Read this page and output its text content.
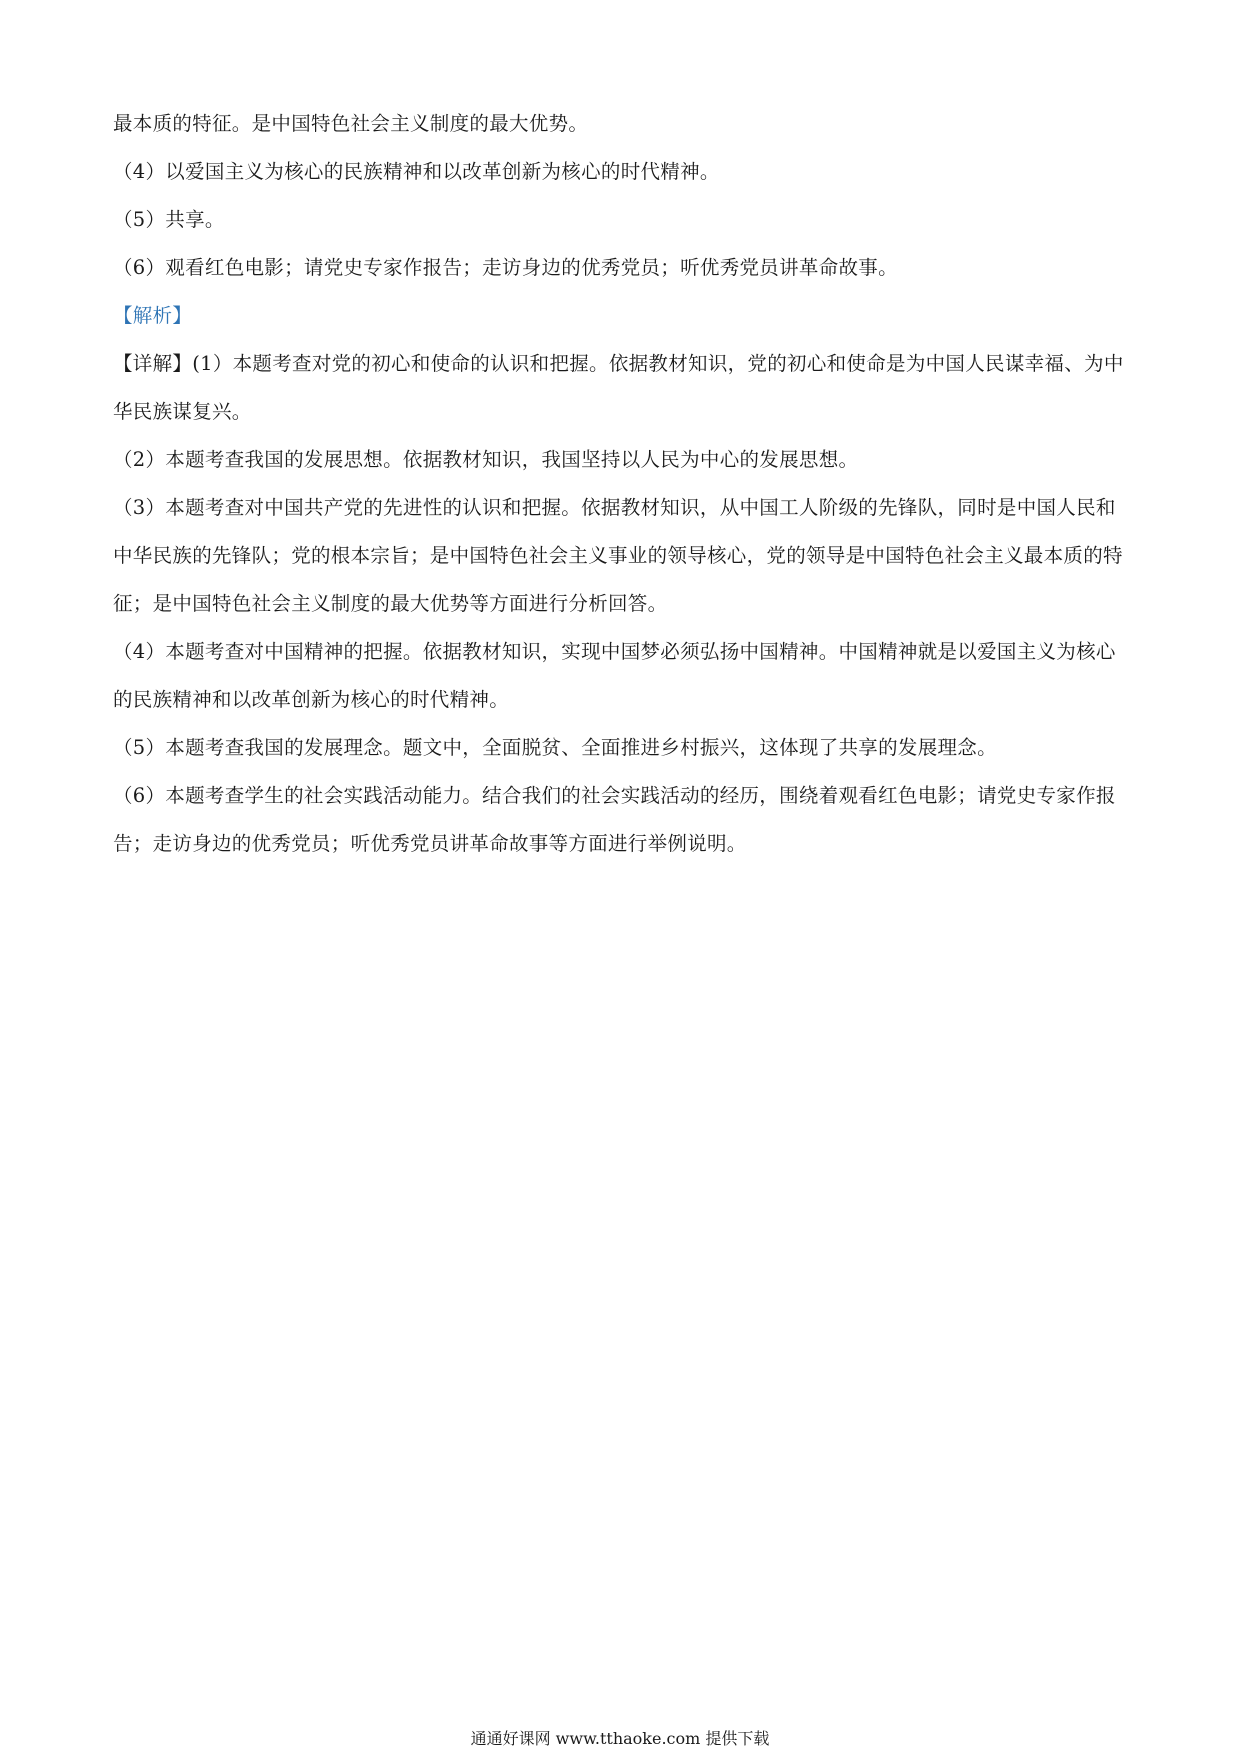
最本质的特征。是中国特色社会主义制度的最大优势。

（4）以爱国主义为核心的民族精神和以改革创新为核心的时代精神。

（5）共享。

（6）观看红色电影；请党史专家作报告；走访身边的优秀党员；听优秀党员讲革命故事。

【解析】

【详解】(1）本题考查对党的初心和使命的认识和把握。依据教材知识，党的初心和使命是为中国人民谋幸福、为中华民族谋复兴。

（2）本题考查我国的发展思想。依据教材知识，我国坚持以人民为中心的发展思想。

（3）本题考查对中国共产党的先进性的认识和把握。依据教材知识，从中国工人阶级的先锋队，同时是中国人民和中华民族的先锋队；党的根本宗旨；是中国特色社会主义事业的领导核心，党的领导是中国特色社会主义最本质的特征；是中国特色社会主义制度的最大优势等方面进行分析回答。

（4）本题考查对中国精神的把握。依据教材知识，实现中国梦必须弘扬中国精神。中国精神就是以爱国主义为核心的民族精神和以改革创新为核心的时代精神。

（5）本题考查我国的发展理念。题文中，全面脱贫、全面推进乡村振兴，这体现了共享的发展理念。

（6）本题考查学生的社会实践活动能力。结合我们的社会实践活动的经历，围绕着观看红色电影；请党史专家作报告；走访身边的优秀党员；听优秀党员讲革命故事等方面进行举例说明。

通通好课网 www.tthaoke.com 提供下载
